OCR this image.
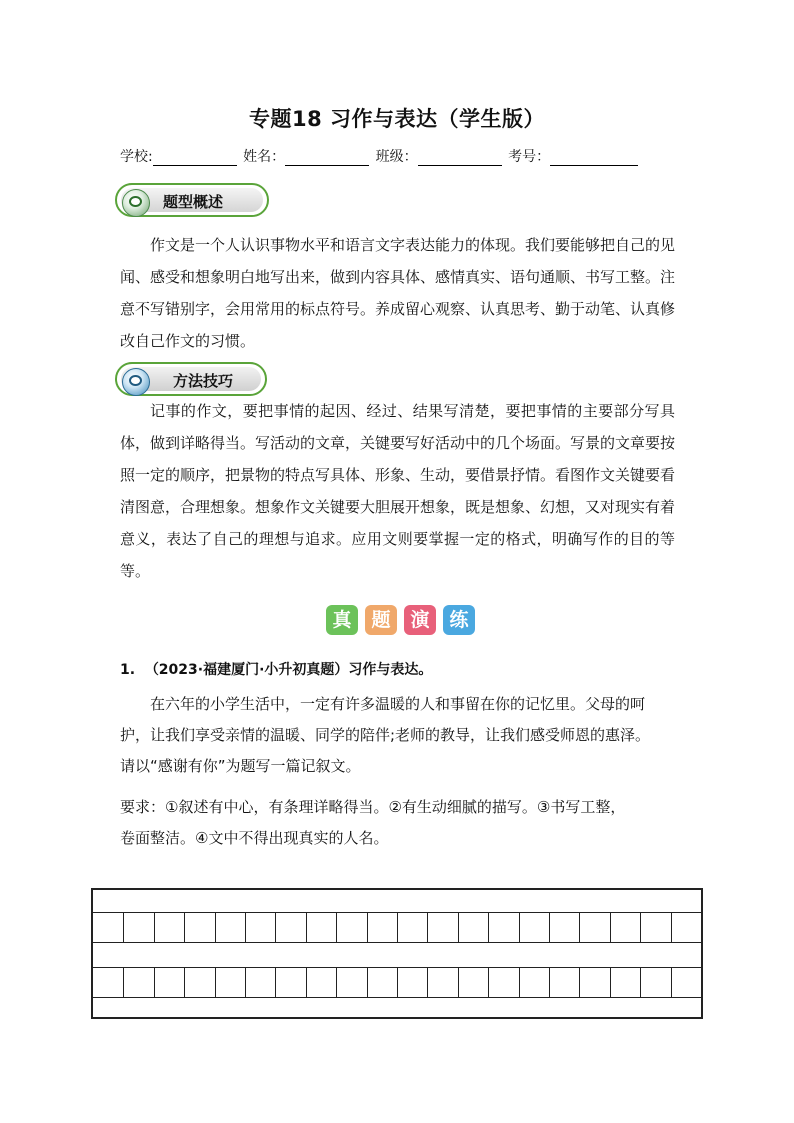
专题18 习作与表达（学生版）
学校:	姓名：	班级：	考号：
题型概述
作文是一个人认识事物水平和语言文字表达能力的体现。我们要能够把自己的见闻、感受和想象明白地写出来，做到内容具体、感情真实、语句通顺、书写工整。注意不写错别字，会用常用的标点符号。养成留心观察、认真思考、勤于动笔、认真修改自己作文的习惯。
方法技巧
记事的作文，要把事情的起因、经过、结果写清楚，要把事情的主要部分写具体，做到详略得当。写活动的文章，关键要写好活动中的几个场面。写景的文章要按照一定的顺序，把景物的特点写具体、形象、生动，要借景抒情。看图作文关键要看清图意，合理想象。想象作文关键要大胆展开想象，既是想象、幻想，又对现实有着意义，表达了自己的理想与追求。应用文则要掌握一定的格式，明确写作的目的等等。
真 题 演 练
1. （2023·福建厦门·小升初真题）习作与表达。
在六年的小学生活中，一定有许多温暖的人和事留在你的记忆里。父母的呵
护，让我们享受亲情的温暖、同学的陪伴;老师的教导，让我们感受师恩的惠泽。
请以“感谢有你”为题写一篇记叙文。
要求：①叙述有中心，有条理详略得当。②有生动细腻的描写。③书写工整，
卷面整洁。④文中不得出现真实的人名。
